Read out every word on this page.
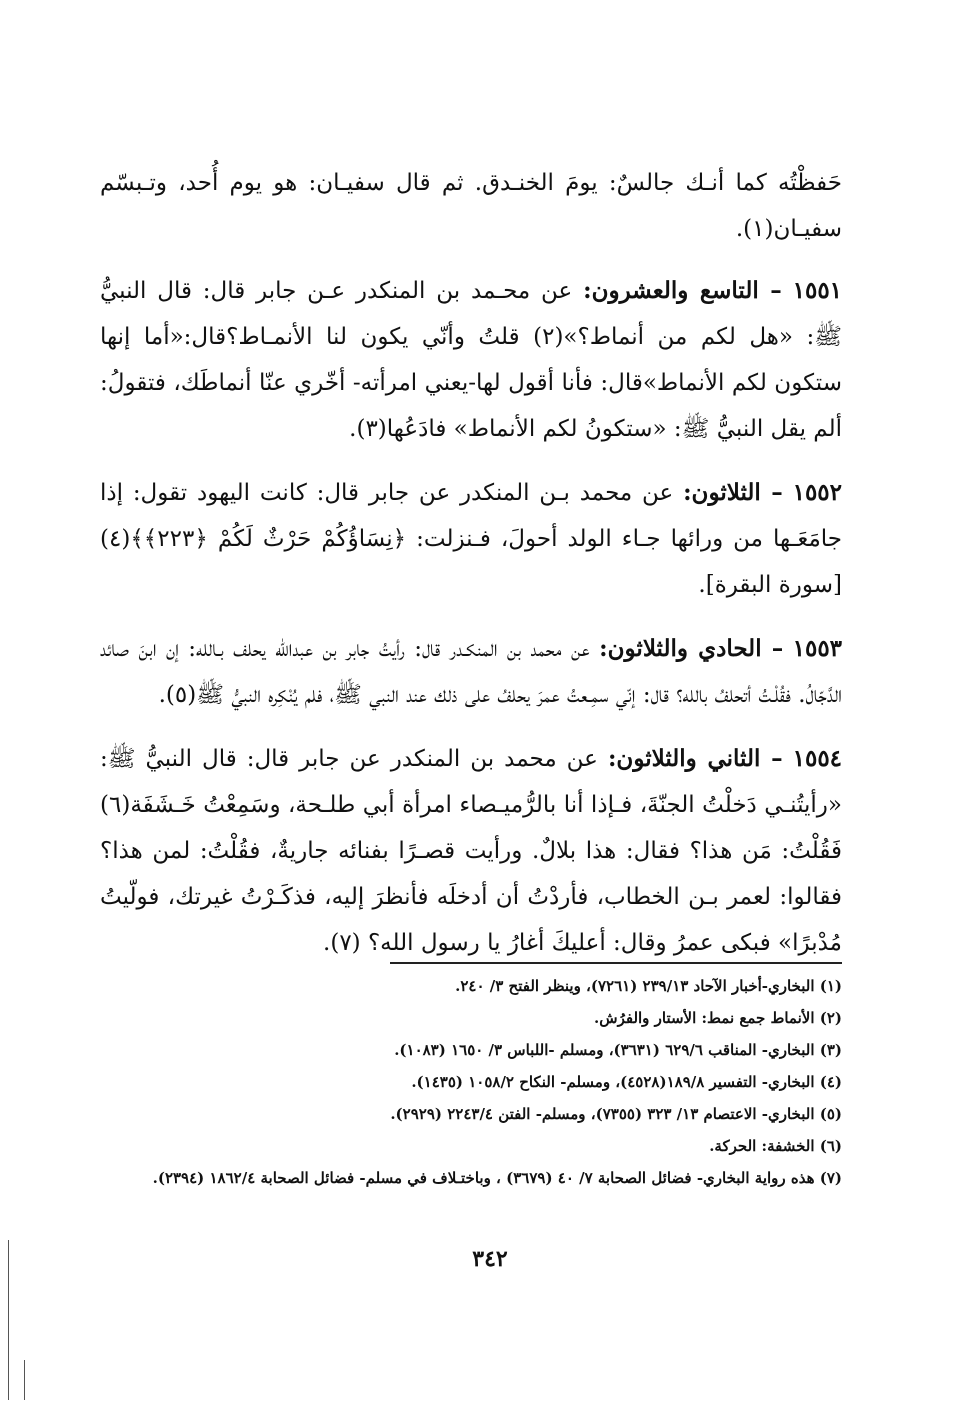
حَفظْتُه كما أنـك جالسٌ: يومَ الخنـدق. ثم قال سفيـان: هو يوم أُحد، وتـبسّم سفيـان(١).

١٥٥١ – التاسع والعشرون: عن محـمد بن المنكدر عـن جابر قال: قال النبيُّ ﷺ: «هل لكم من أنماط؟»(٢) قلتُ وأنّي يكون لنا الأنمـاط؟قال:«أما إنها ستكون لكم الأنماط»قال: فأنا أقول لها-يعني امرأته- أخّري عنّا أنماطَك، فتقولُ: ألم يقل النبيُّ ﷺ: «ستكونُ لكم الأنماط» فادَعُها(٣).

١٥٥٢ – الثلاثون: عن محمد بـن المنكدر عن جابر قال: كانت اليهود تقول: إذا جامَعَـها من ورائها جـاء الولد أحولَ، فـنزلت: ﴿نِسَاؤُكُمْ حَرْثٌ لَكُمْ ﴿٢٢٣﴾﴾(٤) [سورة البقرة].

١٥٥٣ – الحادي والثلاثون: عن محمد بن المنكـدر قال: رأيتُ جابر بن عبدالله يحلف بـالله: إن ابنَ صائد الدَّجّالُ. فقُلْـتُ أتحلفُ بالله؟ قال: إنّي سمِـعتُ عمرَ يحلفُ على ذلك عند النبي ﷺ، فلم يُنْكِره النبيُّ ﷺ(٥).

١٥٥٤ – الثاني والثلاثون: عن محمد بن المنكدر عن جابر قال: قال النبيُّ ﷺ: «رأيتُنـي دَخلْتُ الجنّةَ، فـإذا أنا بالرُّميـصاء امرأة أبي طلـحة، وسَمِعْتُ خَـشَفَة(٦) فَقُلْتُ: مَن هذا؟ فقال: هذا بلالٌ. ورأيت قصـرًا بفنائه جاريةٌ، فقُلْتُ: لمن هذا؟ فقالوا: لعمر بـن الخطاب، فأردْتُ أن أدخلَه فأنظرَ إليه، فذكَـرْتُ غيرتك، فولّيتُ مُدْبرًا» فبكى عمرُ وقال: أعليكَ أغارُ يا رسول الله؟ (٧).

(١) البخاري-أخبار الآحاد ٢٣٩/١٣ (٧٢٦١)، وينظر الفتح ٣/ ٢٤٠.

(٢) الأنماط جمع نمط: الأستار والفرُش.

(٣) البخاري- المناقب ٦٢٩/٦ (٣٦٣١)، ومسلم -اللباس ٣/ ١٦٥٠ (١٠٨٣).

(٤) البخاري- التفسير ١٨٩/٨(٤٥٢٨)، ومسلم- النكاح ١٠٥٨/٢ (١٤٣٥).

(٥) البخاري- الاعتصام ١٣/ ٣٢٣ (٧٣٥٥)، ومسلم- الفتن ٢٢٤٣/٤ (٢٩٢٩).

(٦) الخشفة: الحركة.

(٧) هذه رواية البخاري- فضائل الصحابة ٧/ ٤٠ (٣٦٧٩) ، وباختـلاف في مسلم- فضائل الصحابة ١٨٦٢/٤ (٢٣٩٤).

٣٤٢
